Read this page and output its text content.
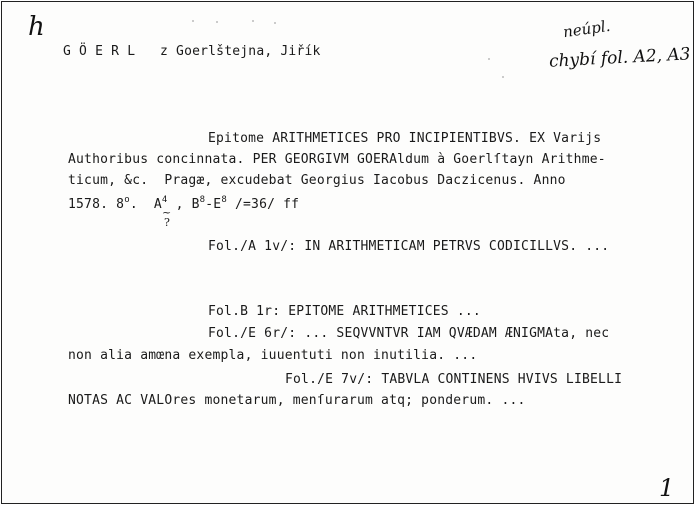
h
G Ö E R L z Goerlštejna, Jiřík
neúpl.
chybí fol. A2, A3
Epitome ARITHMETICES PRO INCIPIENTIBVS. EX Varijs
Authoribus concinnata. PER GEORGIVM GOERAldum à Goerlſtayn Arithme-
ticum, &c.  Pragæ, excudebat Georgius Iacobus Daczicenus. Anno
1578. 8$^o$.  $A^4$ , $B^8-E^8$ /=36/ ff
~
?
Fol./A 1v/: IN ARITHMETICAM PETRVS CODICILLVS. ...
Fol.B 1r: EPITOME ARITHMETICES ...
Fol./E 6r/: ... SEQVVNTVR IAM QVÆDAM ÆNIGMAta, nec
non alia amœna exempla, iuuentuti non inutilia. ...
Fol./E 7v/: TABVLA CONTINENS HVIVS LIBELLI
NOTAS AC VALOres monetarum, menſurarum atq; ponderum. ...
1
